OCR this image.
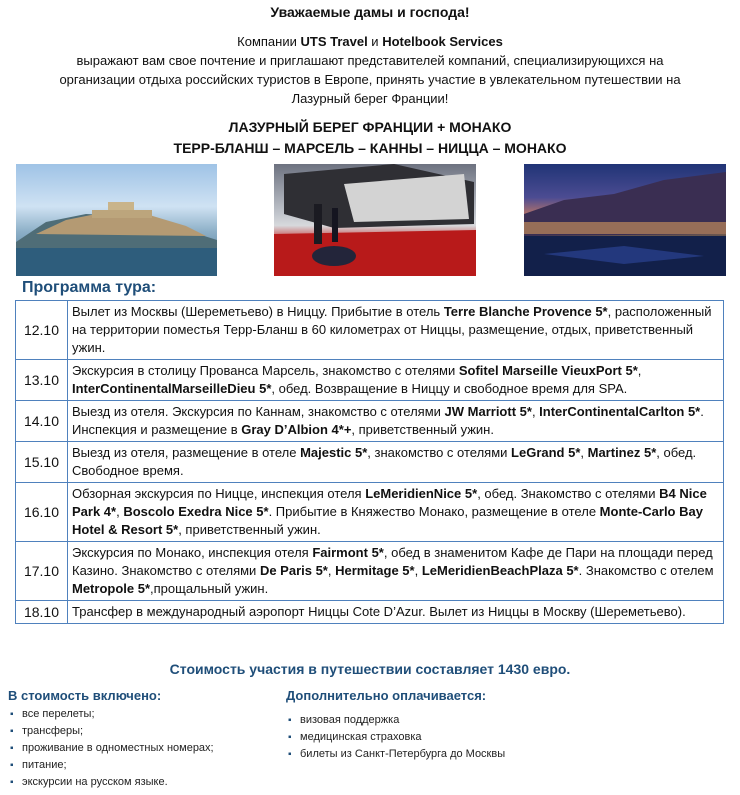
Уважаемые дамы и господа!
Компании UTS Travel и Hotelbook Services
выражают вам свое почтение и приглашают представителей компаний, специализирующихся на
организации отдыха российских туристов в Европе, принять участие в увлекательном путешествии на
Лазурный берег Франции!
ЛАЗУРНЫЙ БЕРЕГ ФРАНЦИИ + МОНАКО
ТЕРР-БЛАНШ – МАРСЕЛЬ – КАННЫ – НИЦЦА – МОНАКО
Программа тура:
12.10	Вылет из Москвы (Шереметьево) в Ниццу. Прибытие в отель Terre Blanche Provence 5*, расположенный на территории поместья Терр-Бланш в 60 километрах от Ниццы, размещение, отдых, приветственный ужин.
13.10	Экскурсия в столицу Прованса Марсель, знакомство с отелями Sofitel Marseille VieuxPort 5*, InterContinentalMarseilleDieu 5*, обед. Возвращение в Ниццу и свободное время для SPA.
14.10	Выезд из отеля. Экскурсия по Каннам, знакомство с отелями JW Marriott 5*, InterContinentalCarlton 5*. Инспекция и размещение в Gray D’Albion 4*+, приветственный ужин.
15.10	Выезд из отеля, размещение в отеле Majestic 5*, знакомство с отелями LeGrand 5*, Martinez 5*, обед. Свободное время.
16.10	Обзорная экскурсия по Ницце, инспекция отеля LeMeridienNice 5*, обед. Знакомство с отелями B4 Nice Park 4*, Boscolo Exedra Nice 5*. Прибытие в Княжество Монако, размещение в отеле Monte-Carlo Bay Hotel & Resort 5*, приветственный ужин.
17.10	Экскурсия по Монако, инспекция отеля Fairmont 5*, обед в знаменитом Кафе де Пари на площади перед Казино. Знакомство с отелями De Paris 5*, Hermitage 5*, LeMeridienBeachPlaza 5*. Знакомство с отелем Metropole 5*,прощальный ужин.
18.10	Трансфер в международный аэропорт Ниццы Cote D’Azur. Вылет из Ниццы в Москву (Шереметьево).
Стоимость участия в путешествии составляет 1430 евро.
В стоимость включено:
▪ все перелеты;
▪ трансферы;
▪ проживание в одноместных номерах;
▪ питание;
▪ экскурсии на русском языке.
Дополнительно оплачивается:
▪ визовая поддержка
▪ медицинская страховка
▪ билеты из Санкт-Петербурга до Москвы
